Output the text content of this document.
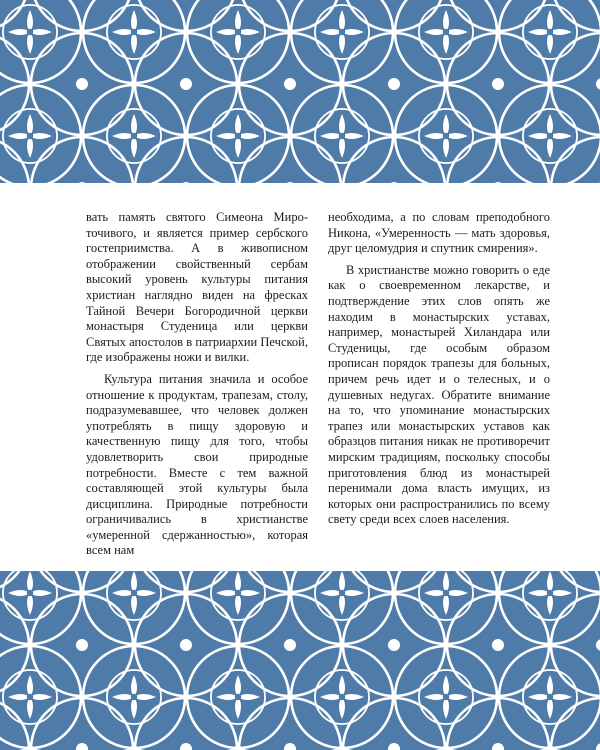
вать память святого Симеона Мироточивого, и является пример сербского гостеприимства. А в живописном отображении свойственный сербам высокий уровень культуры питания христиан наглядно виден на фресках Тайной Вечери Богородичной церкви монастыря Студеница или церкви Святых апостолов в патриархии Печской, где изображены ножи и вилки.

Культура питания значила и особое отношение к продуктам, трапезам, столу, подразумевавшее, что человек должен употреблять в пищу здоровую и качественную пищу для того, чтобы удовлетворить свои природные потребности. Вместе с тем важной составляющей этой культуры была дисциплина. Природные потребности ограничивались в христианстве «умеренной сдержанностью», которая всем нам

необходима, а по словам преподобного Никона, «Умеренность — мать здоровья, друг целомудрия и спутник смирения».

В христианстве можно говорить о еде как о своевременном лекарстве, и подтверждение этих слов опять же находим в монастырских уставах, например, монастырей Хиландара или Студеницы, где особым образом прописан порядок трапезы для больных, причем речь идет и о телесных, и о душевных недугах. Обратите внимание на то, что упоминание монастырских трапез или монастырских уставов как образцов питания никак не противоречит мирским традициям, поскольку способы приготовления блюд из монастырей перенимали дома власть имущих, из которых они распространились по всему свету среди всех слоев населения.
